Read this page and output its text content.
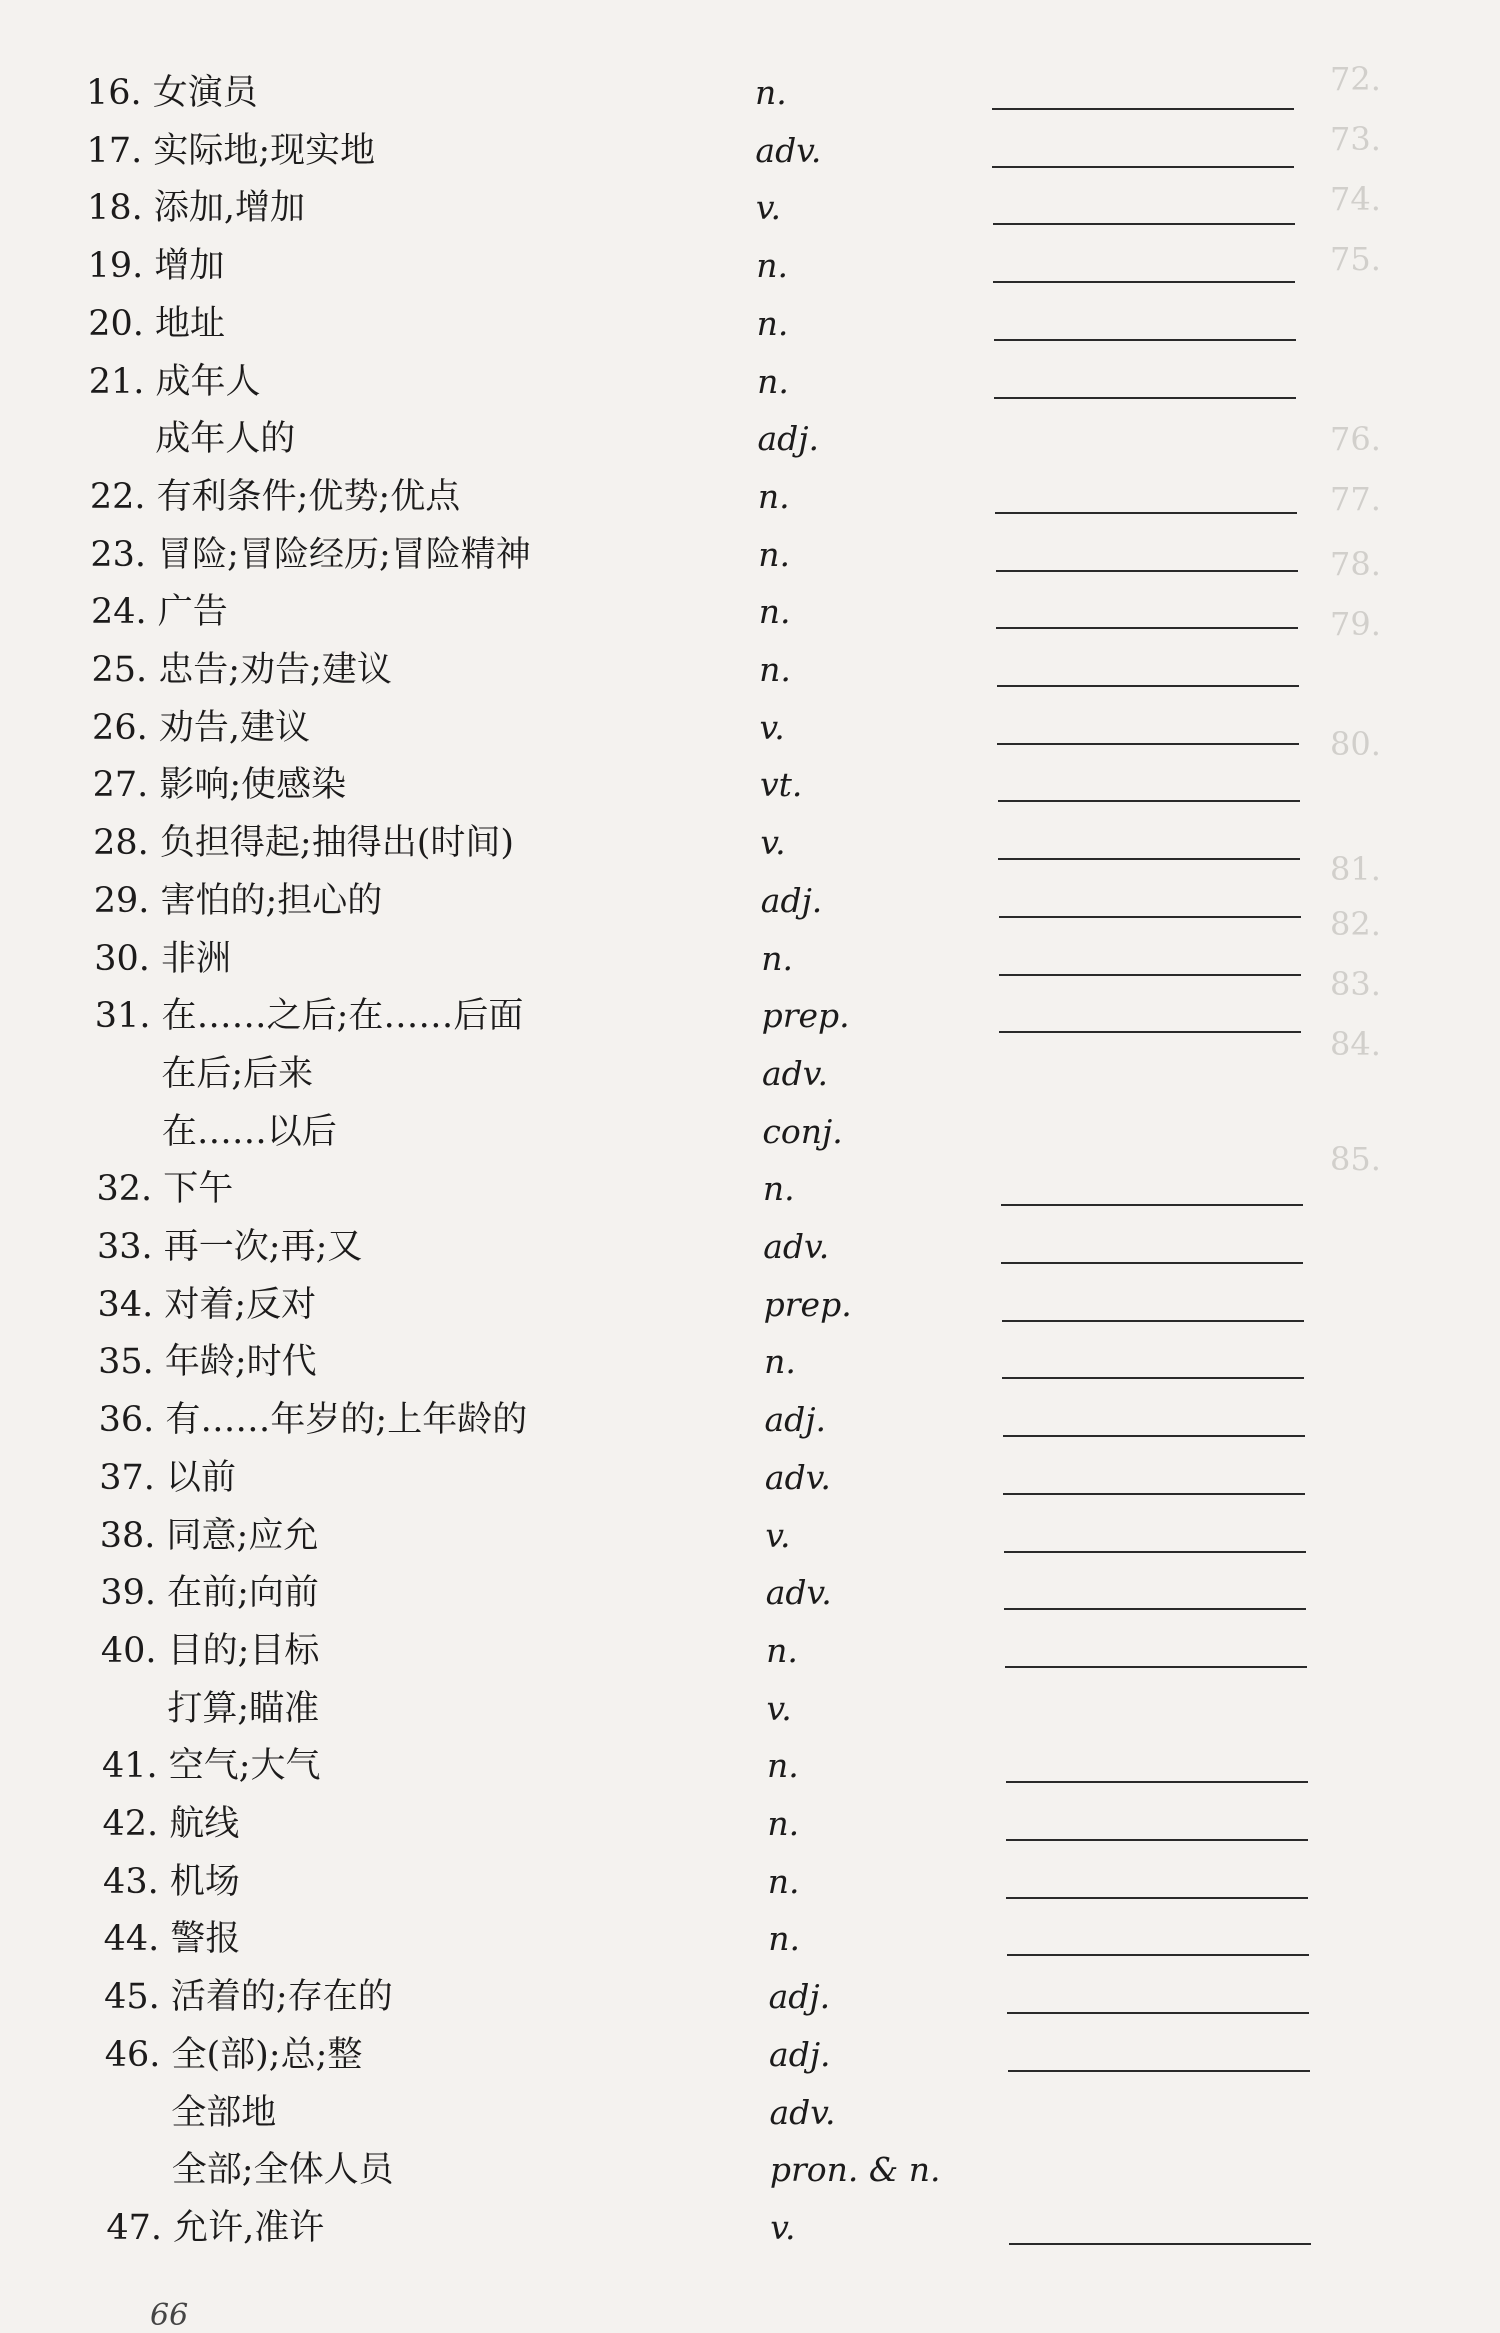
72.
73.
74.
75.
76.
77.
78.
79.
80.
81.
82.
83.
84.
85.
16. 女演员	n.
17. 实际地;现实地	adv.
18. 添加,增加	v.
19. 增加	n.
20. 地址	n.
21. 成年人	n.
成年人的	adj.
22. 有利条件;优势;优点	n.
23. 冒险;冒险经历;冒险精神	n.
24. 广告	n.
25. 忠告;劝告;建议	n.
26. 劝告,建议	v.
27. 影响;使感染	vt.
28. 负担得起;抽得出(时间)	v.
29. 害怕的;担心的	adj.
30. 非洲	n.
31. 在……之后;在……后面	prep.
在后;后来	adv.
在……以后	conj.
32. 下午	n.
33. 再一次;再;又	adv.
34. 对着;反对	prep.
35. 年龄;时代	n.
36. 有……年岁的;上年龄的	adj.
37. 以前	adv.
38. 同意;应允	v.
39. 在前;向前	adv.
40. 目的;目标	n.
打算;瞄准	v.
41. 空气;大气	n.
42. 航线	n.
43. 机场	n.
44. 警报	n.
45. 活着的;存在的	adj.
46. 全(部);总;整	adj.
全部地	adv.
全部;全体人员	pron. & n.
47. 允许,准许	v.
66
